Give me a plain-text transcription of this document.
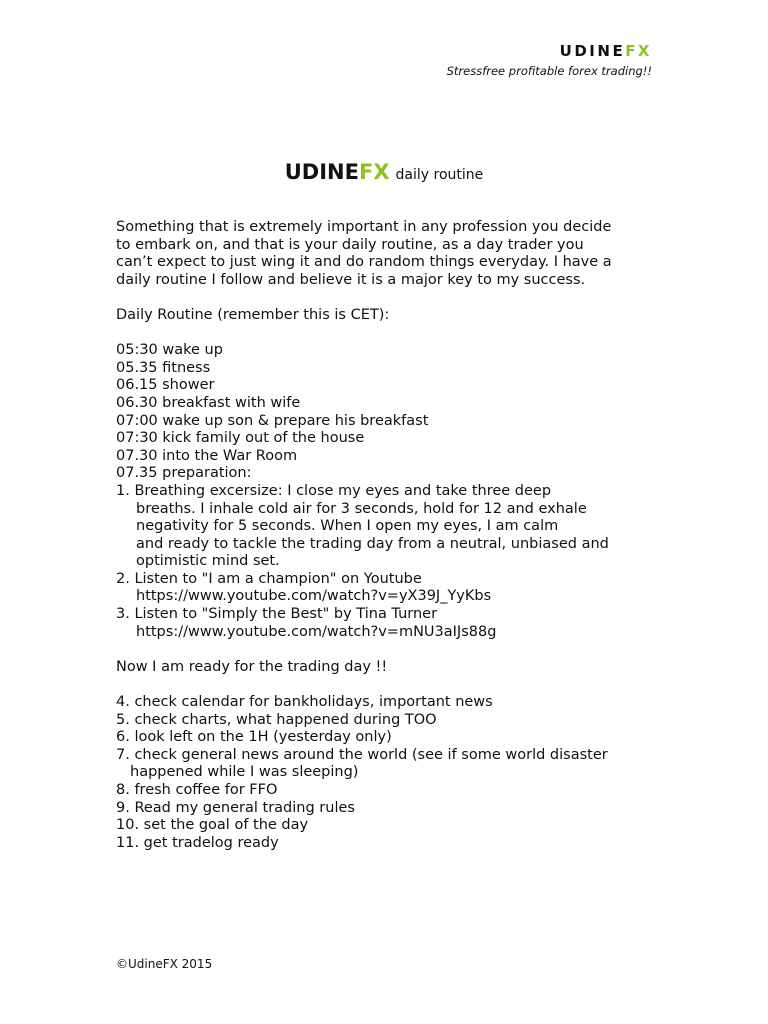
UDINEFX
Stressfree profitable forex trading!!
UDINEFX daily routine
Something that is extremely important in any profession you decide
to embark on, and that is your daily routine, as a day trader you
can’t expect to just wing it and do random things everyday. I have a
daily routine I follow and believe it is a major key to my success.
Daily Routine (remember this is CET):
05:30 wake up
05.35 fitness
06.15 shower
06.30 breakfast with wife
07:00 wake up son & prepare his breakfast
07:30 kick family out of the house
07.30 into the War Room
07.35 preparation:
1. Breathing excersize: I close my eyes and take three deep
breaths. I inhale cold air for 3 seconds, hold for 12 and exhale
negativity for 5 seconds. When I open my eyes, I am calm
and ready to tackle the trading day from a neutral, unbiased and
optimistic mind set.
2. Listen to "I am a champion" on Youtube
https://www.youtube.com/watch?v=yX39J_YyKbs
3. Listen to "Simply the Best" by Tina Turner
https://www.youtube.com/watch?v=mNU3aIJs88g
Now I am ready for the trading day !!
4. check calendar for bankholidays, important news
5. check charts, what happened during TOO
6. look left on the 1H (yesterday only)
7. check general news around the world (see if some world disaster
happened while I was sleeping)
8. fresh coffee for FFO
9. Read my general trading rules
10. set the goal of the day
11. get tradelog ready
©UdineFX 2015
